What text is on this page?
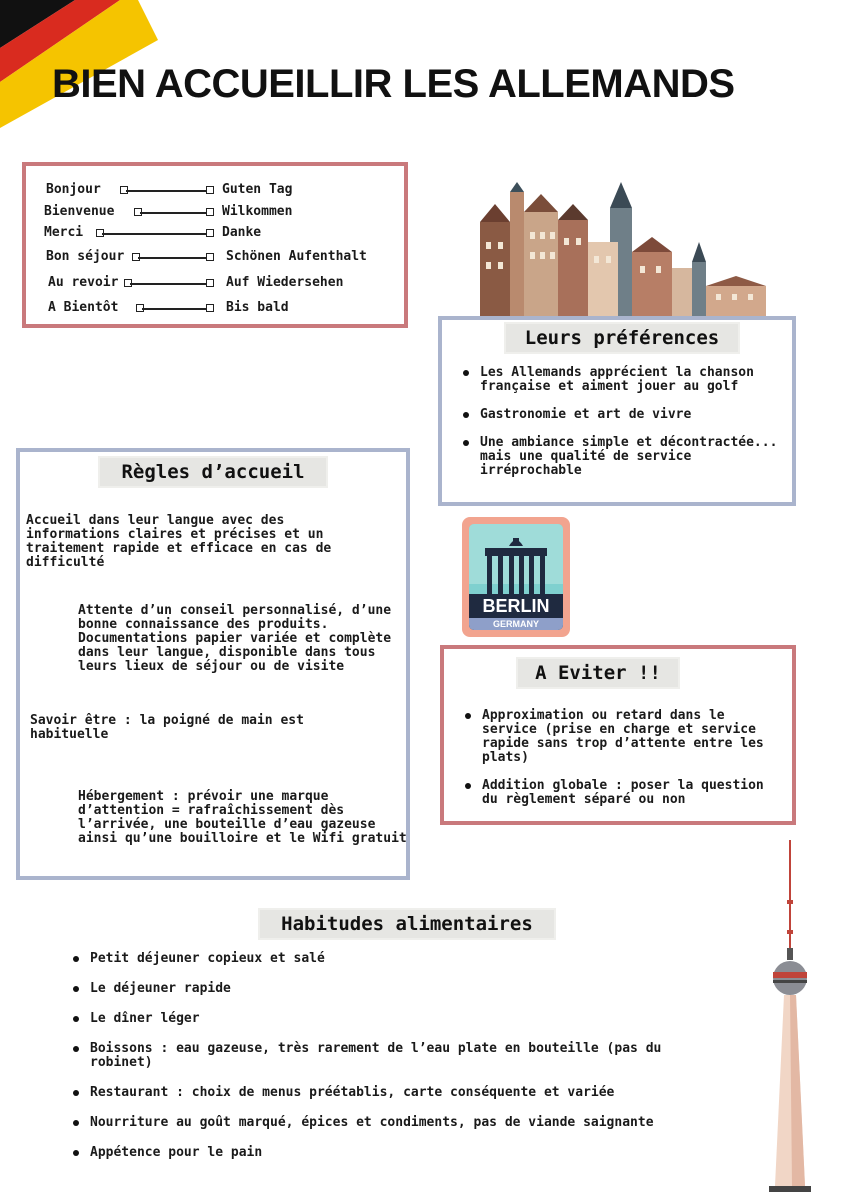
BIEN ACCUEILLIR LES ALLEMANDS
Bonjour	Guten Tag
Bienvenue	Wilkommen
Merci	Danke
Bon séjour	Schönen Aufenthalt
Au revoir	Auf Wiedersehen
A Bientôt	Bis bald
Leurs préférences
Les Allemands apprécient la chanson française et aiment jouer au golf
Gastronomie et art de vivre
Une ambiance simple et décontractée... mais une qualité de service irréprochable
Règles d’accueil
Accueil dans leur langue avec des informations claires et précises et un traitement rapide et efficace en cas de difficulté
Attente d’un conseil personnalisé, d’une bonne connaissance des produits. Documentations papier variée et complète dans leur langue, disponible dans tous leurs lieux de séjour ou de visite
Savoir être : la poigné de main est habituelle
Hébergement : prévoir une marque d’attention = rafraîchissement dès l’arrivée, une bouteille d’eau gazeuse ainsi qu’une bouilloire et le Wifi gratuit
BERLIN
GERMANY
A Eviter !!
Approximation ou retard dans le service (prise en charge et service rapide sans trop d’attente entre les plats)
Addition globale : poser la question du règlement séparé ou non
Habitudes alimentaires
Petit déjeuner copieux et salé
Le déjeuner rapide
Le dîner léger
Boissons : eau gazeuse, très rarement de l’eau plate en bouteille (pas du robinet)
Restaurant : choix de menus préétablis, carte conséquente et variée
Nourriture au goût marqué, épices et condiments, pas de viande saignante
Appétence pour le pain
